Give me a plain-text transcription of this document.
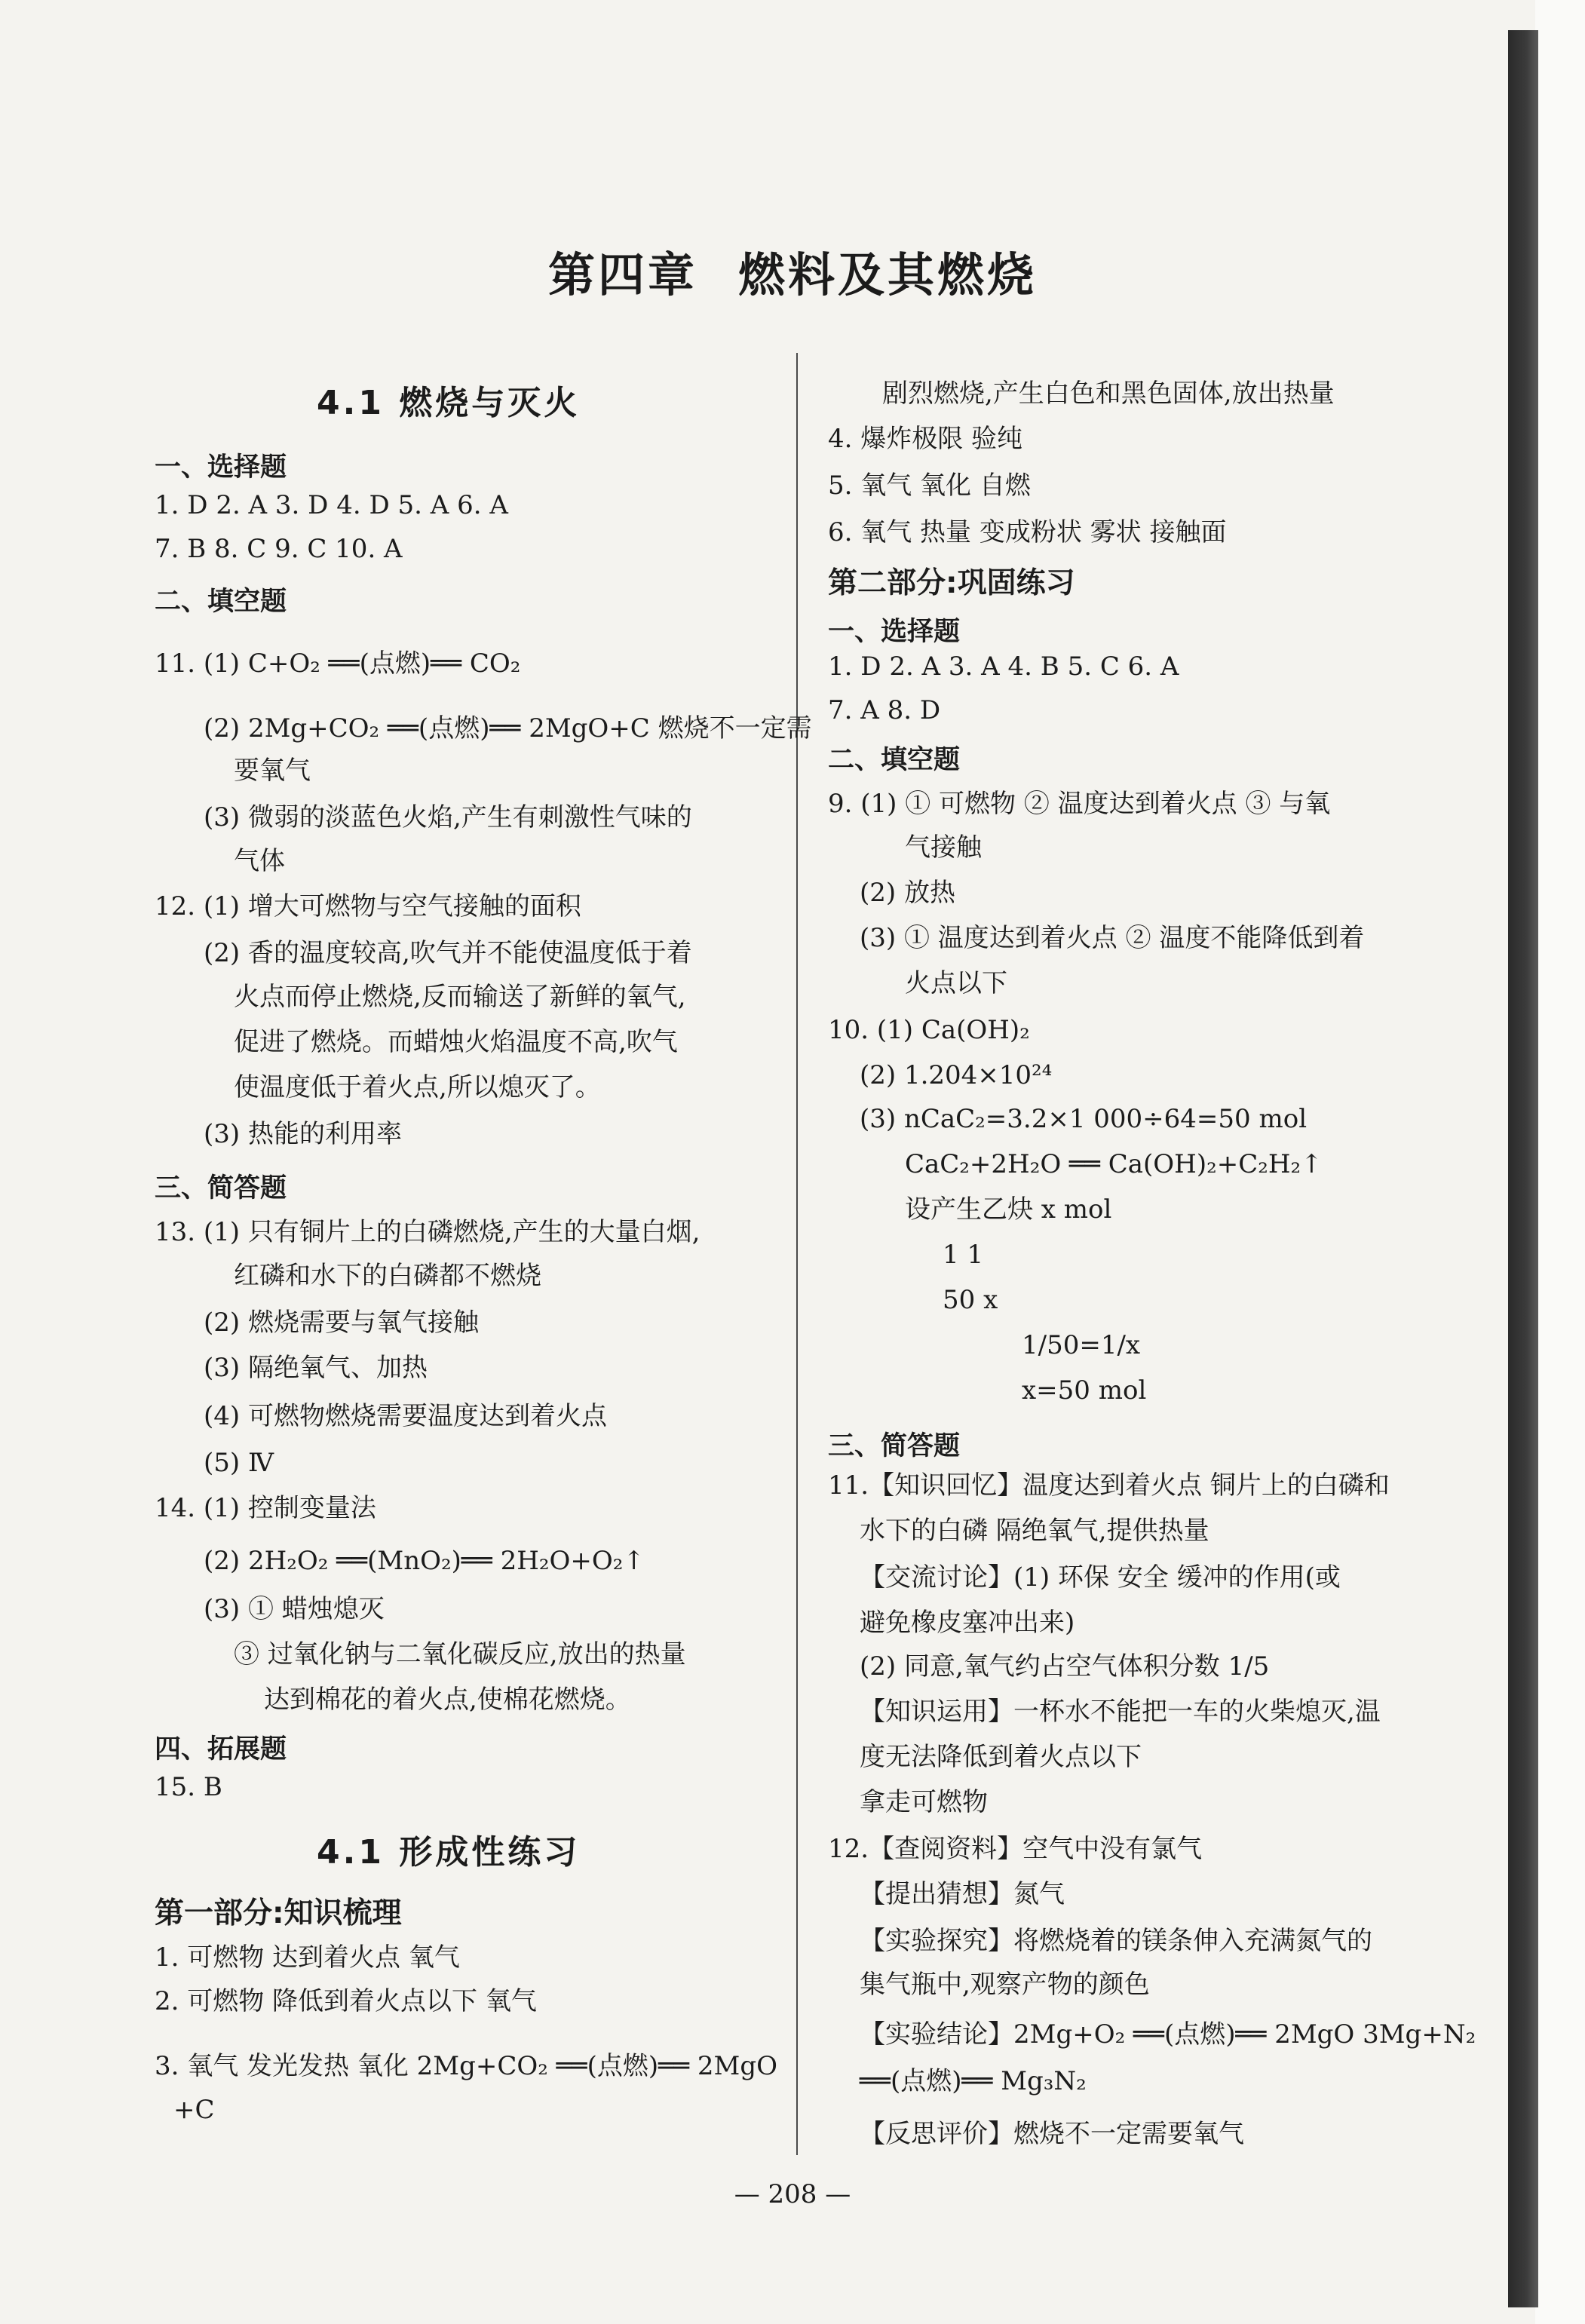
第四章 燃料及其燃烧
4.1 燃烧与灭火
一、选择题
1. D 2. A 3. D 4. D 5. A 6. A
7. B 8. C 9. C 10. A
二、填空题
11. (1) C+O₂ ══(点燃)══ CO₂
(2) 2Mg+CO₂ ══(点燃)══ 2MgO+C 燃烧不一定需
要氧气
(3) 微弱的淡蓝色火焰,产生有刺激性气味的
气体
12. (1) 增大可燃物与空气接触的面积
(2) 香的温度较高,吹气并不能使温度低于着
火点而停止燃烧,反而输送了新鲜的氧气,
促进了燃烧。而蜡烛火焰温度不高,吹气
使温度低于着火点,所以熄灭了。
(3) 热能的利用率
三、简答题
13. (1) 只有铜片上的白磷燃烧,产生的大量白烟,
红磷和水下的白磷都不燃烧
(2) 燃烧需要与氧气接触
(3) 隔绝氧气、加热
(4) 可燃物燃烧需要温度达到着火点
(5) Ⅳ
14. (1) 控制变量法
(2) 2H₂O₂ ══(MnO₂)══ 2H₂O+O₂↑
(3) ① 蜡烛熄灭
③ 过氧化钠与二氧化碳反应,放出的热量
达到棉花的着火点,使棉花燃烧。
四、拓展题
15. B
4.1 形成性练习
第一部分:知识梳理
1. 可燃物 达到着火点 氧气
2. 可燃物 降低到着火点以下 氧气
3. 氧气 发光发热 氧化 2Mg+CO₂ ══(点燃)══ 2MgO
+C
剧烈燃烧,产生白色和黑色固体,放出热量
4. 爆炸极限 验纯
5. 氧气 氧化 自燃
6. 氧气 热量 变成粉状 雾状 接触面
第二部分:巩固练习
一、选择题
1. D 2. A 3. A 4. B 5. C 6. A
7. A 8. D
二、填空题
9. (1) ① 可燃物 ② 温度达到着火点 ③ 与氧
气接触
(2) 放热
(3) ① 温度达到着火点 ② 温度不能降低到着
火点以下
10. (1) Ca(OH)₂
(2) 1.204×10²⁴
(3) nCaC₂=3.2×1 000÷64=50 mol
CaC₂+2H₂O ══ Ca(OH)₂+C₂H₂↑
设产生乙炔 x mol
1 1
50 x
1/50=1/x
x=50 mol
三、简答题
11.【知识回忆】温度达到着火点 铜片上的白磷和
水下的白磷 隔绝氧气,提供热量
【交流讨论】(1) 环保 安全 缓冲的作用(或
避免橡皮塞冲出来)
(2) 同意,氧气约占空气体积分数 1/5
【知识运用】一杯水不能把一车的火柴熄灭,温
度无法降低到着火点以下
拿走可燃物
12.【查阅资料】空气中没有氯气
【提出猜想】氮气
【实验探究】将燃烧着的镁条伸入充满氮气的
集气瓶中,观察产物的颜色
【实验结论】2Mg+O₂ ══(点燃)══ 2MgO 3Mg+N₂
══(点燃)══ Mg₃N₂
【反思评价】燃烧不一定需要氧气
— 208 —
